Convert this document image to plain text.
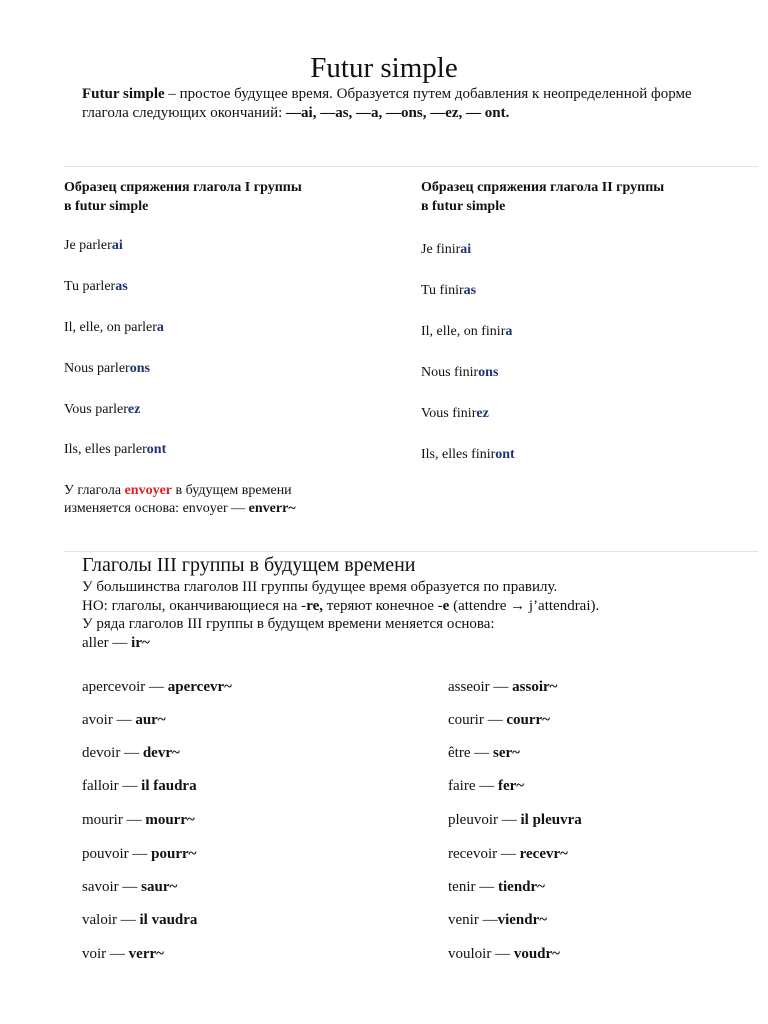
Futur simple
Futur simple – простое будущее время. Образуется путем добавления к неопределенной форме глагола следующих окончаний: —ai, —as, —a, —ons, —ez, — ont.
Образец спряжения глагола I группы
в futur simple
Je parlerai
Tu parleras
Il, elle, on parlera
Nous parlerons
Vous parlerez
Ils, elles parleront
Образец спряжения глагола II группы
в futur simple
Je finirai
Tu finiras
Il, elle, on finira
Nous finirons
Vous finirez
Ils, elles finiront
У глагола envoyer в будущем времени
изменяется основа: envoyer — enverr~
Глаголы III группы в будущем времени
У большинства глаголов III группы будущее время образуется по правилу.
НО: глаголы, оканчивающиеся на -re, теряют конечное -e (attendre → j’attendrai).
У ряда глаголов III группы в будущем времени меняется основа:
aller — ir~
apercevoir — apercevr~
avoir — aur~
devoir — devr~
falloir — il faudra
mourir — mourr~
pouvoir — pourr~
savoir — saur~
valoir — il vaudra
voir — verr~
asseoir — assoir~
courir — courr~
être — ser~
faire — fer~
pleuvoir — il pleuvra
recevoir — recevr~
tenir — tiendr~
venir —viendr~
vouloir — voudr~
